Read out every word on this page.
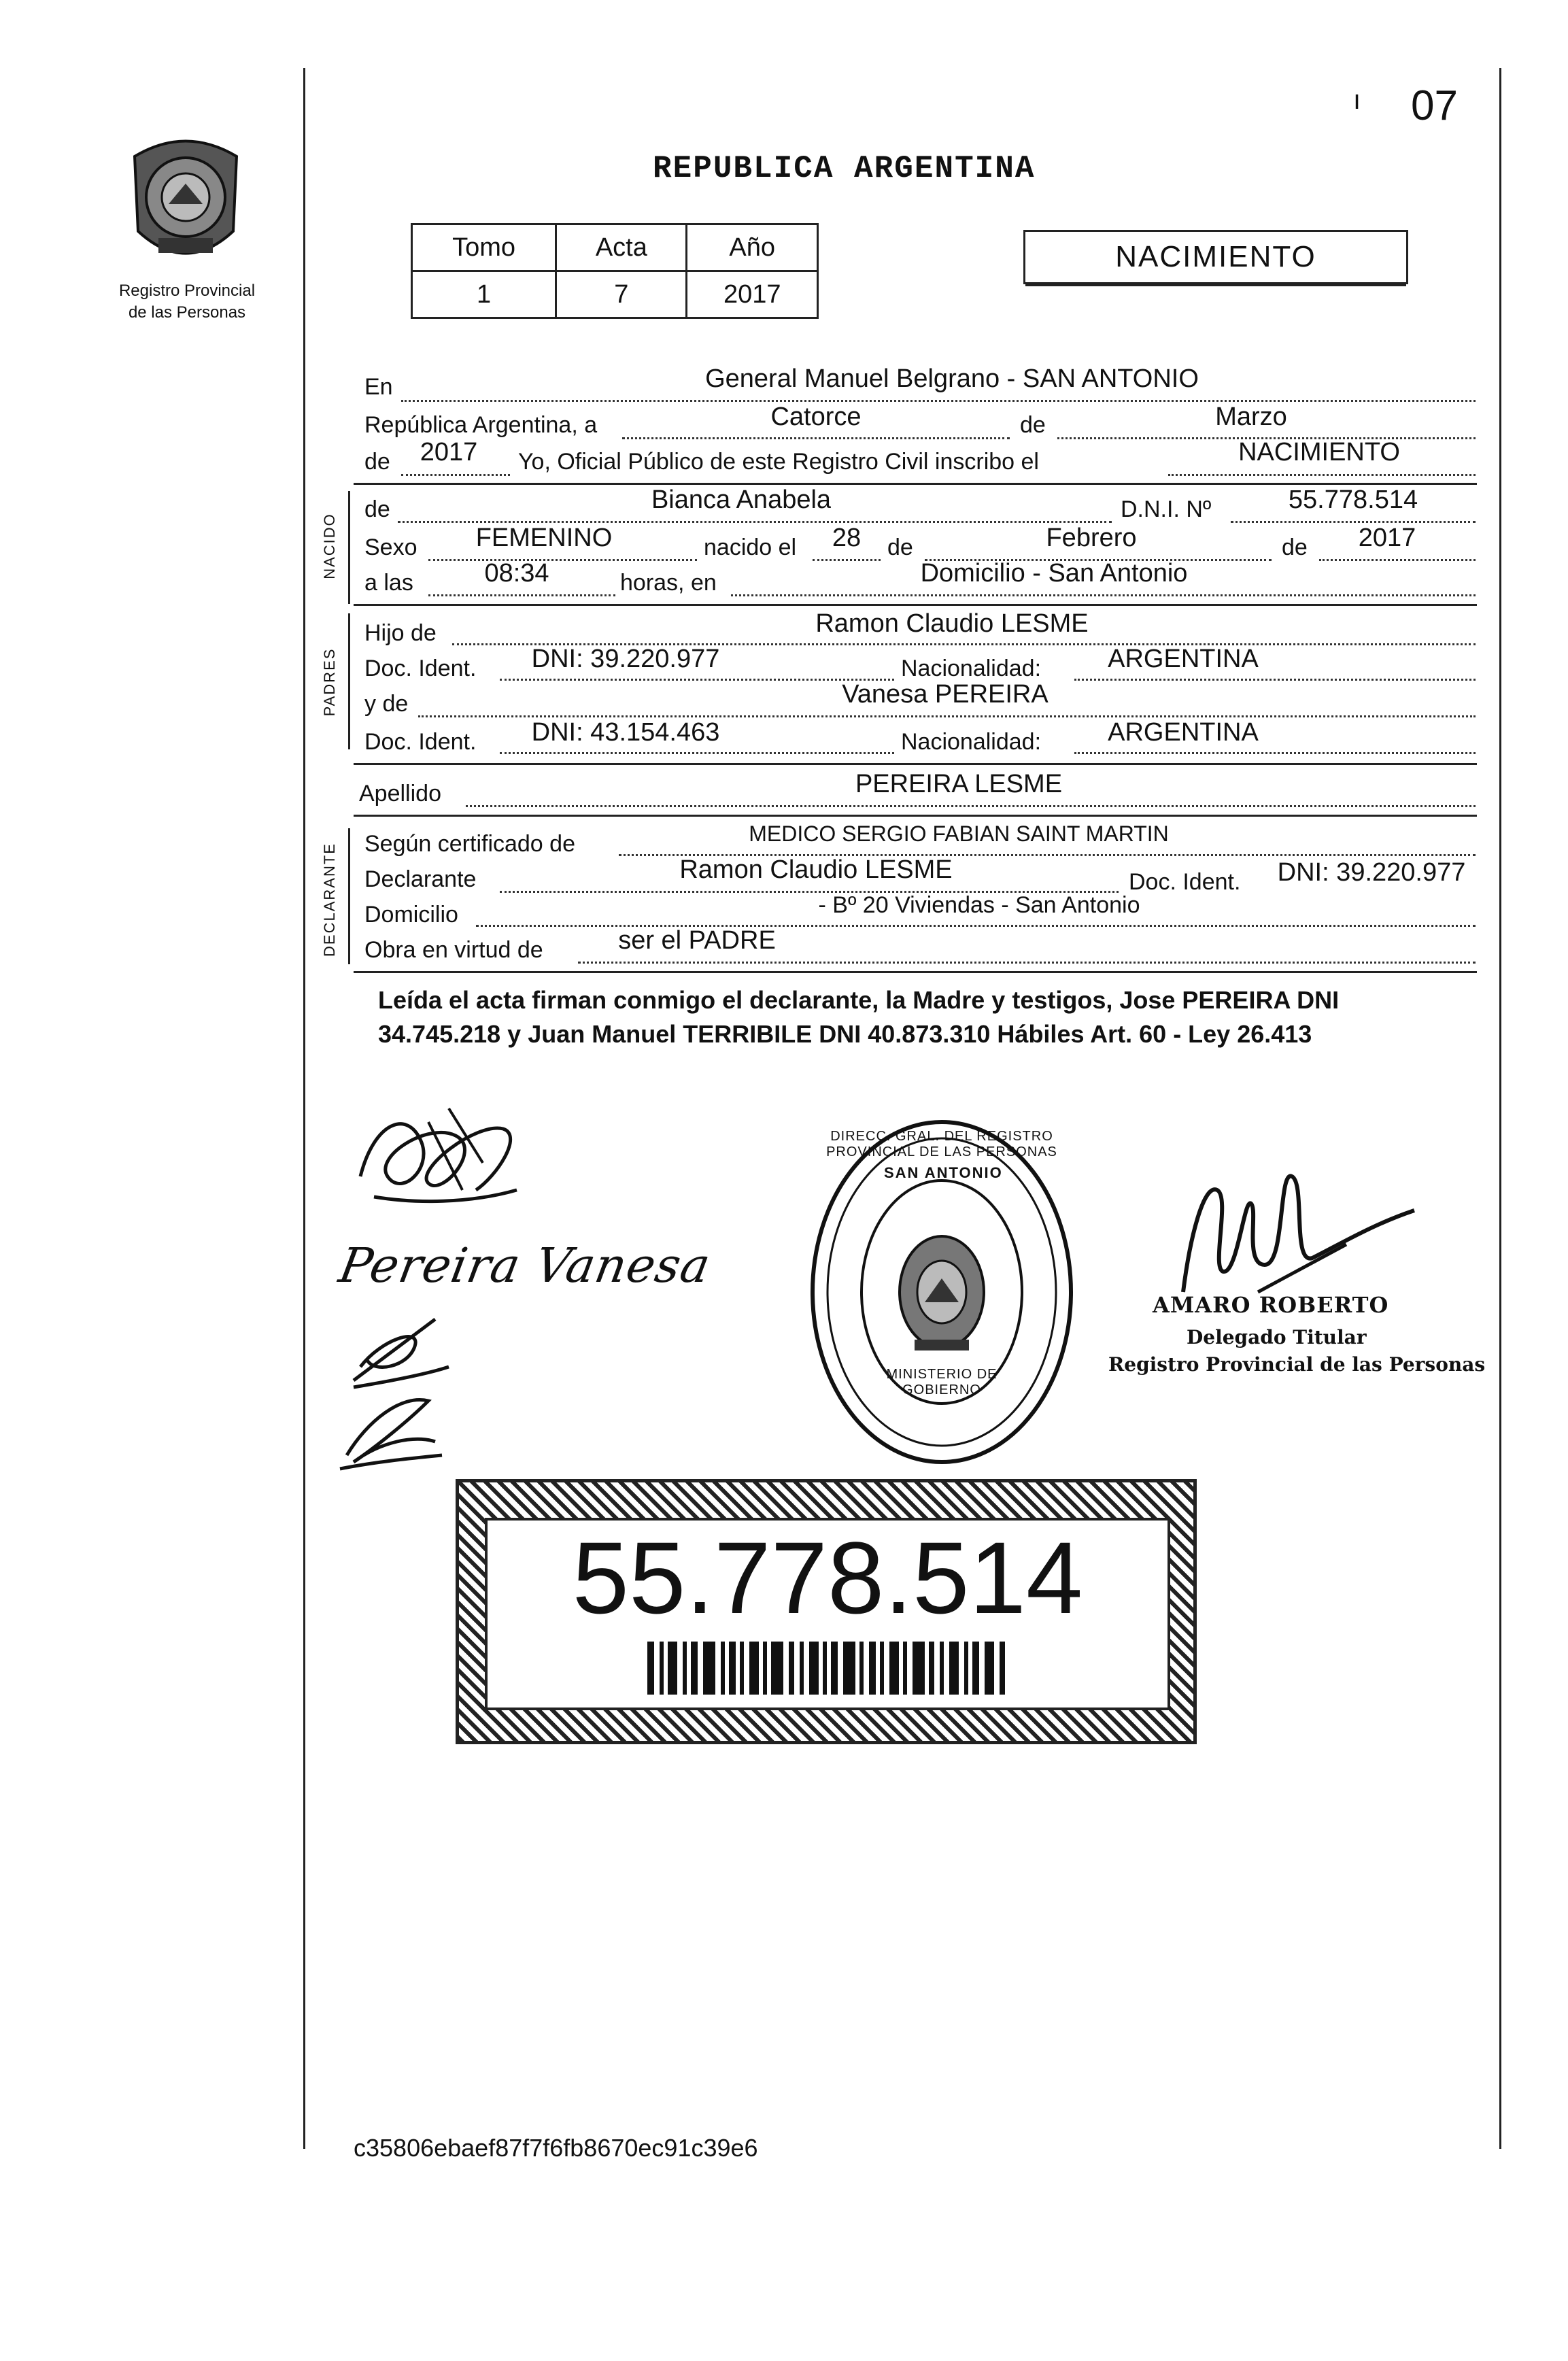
ı 07
Registro Provincial
de las Personas
REPUBLICA ARGENTINA
Tomo	Acta	Año
1	7	2017
NACIMIENTO
En	General Manuel Belgrano - SAN ANTONIO
República Argentina, a	Catorce	de	Marzo
de	2017	Yo, Oficial Público de este Registro Civil inscribo el	NACIMIENTO
NACIDO
de	Bianca Anabela	D.N.I. Nº	55.778.514
Sexo	FEMENINO	nacido el	28	de	Febrero	de	2017
a las	08:34	horas, en	Domicilio - San Antonio
PADRES
Hijo de	Ramon Claudio LESME
Doc. Ident.	DNI: 39.220.977	Nacionalidad:	ARGENTINA
y de	Vanesa PEREIRA
Doc. Ident.	DNI: 43.154.463	Nacionalidad:	ARGENTINA
Apellido	PEREIRA LESME
DECLARANTE Según certificado de	MEDICO SERGIO FABIAN SAINT MARTIN
Declarante	Ramon Claudio LESME	Doc. Ident.	DNI: 39.220.977
Domicilio	- Bº 20 Viviendas - San Antonio
Obra en virtud de	ser el PADRE
Leída el acta firman conmigo el declarante, la Madre y testigos, Jose PEREIRA DNI 34.745.218 y Juan Manuel TERRIBILE DNI 40.873.310 Hábiles Art. 60 - Ley 26.413
Pereira Vanesa
SAN ANTONIO
DIRECC. GRAL. DEL REGISTRO PROVINCIAL DE LAS PERSONAS
MINISTERIO DE GOBIERNO
AMARO ROBERTO
Delegado Titular
Registro Provincial de las Personas
55.778.514
c35806ebaef87f7f6fb8670ec91c39e6
